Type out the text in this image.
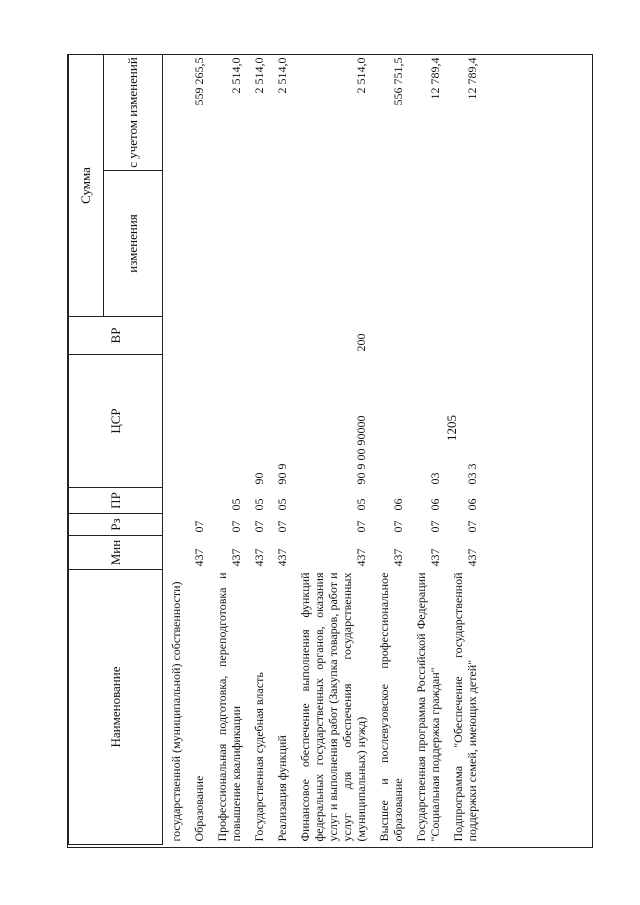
1205
Наименование	Мин	Рз	ПР	ЦСР	ВР	Сумма	
						изменения	с учетом изменений
государственной (муниципальной) собственности)							
Образование	437	07					559 265,5
Профессиональная подготовка, переподготовка и повышение квалификации	437	07	05				2 514,0
Государственная судебная власть	437	07	05	90			2 514,0
Реализация функций	437	07	05	90 9			2 514,0
Финансовое обеспечение выполнения функций федеральных государственных органов, оказания услуг и выполнения работ (Закупка товаров, работ и услуг для обеспечения государственных (муниципальных) нужд)	437	07	05	90 9 00 90000	200		2 514,0
Высшее и послевузовское профессиональное образование	437	07	06				556 751,5
Государственная программа Российской Федерации "Социальная поддержка граждан"	437	07	06	03			12 789,4
Подпрограмма "Обеспечение государственной поддержки семей, имеющих детей"	437	07	06	03 3			12 789,4
